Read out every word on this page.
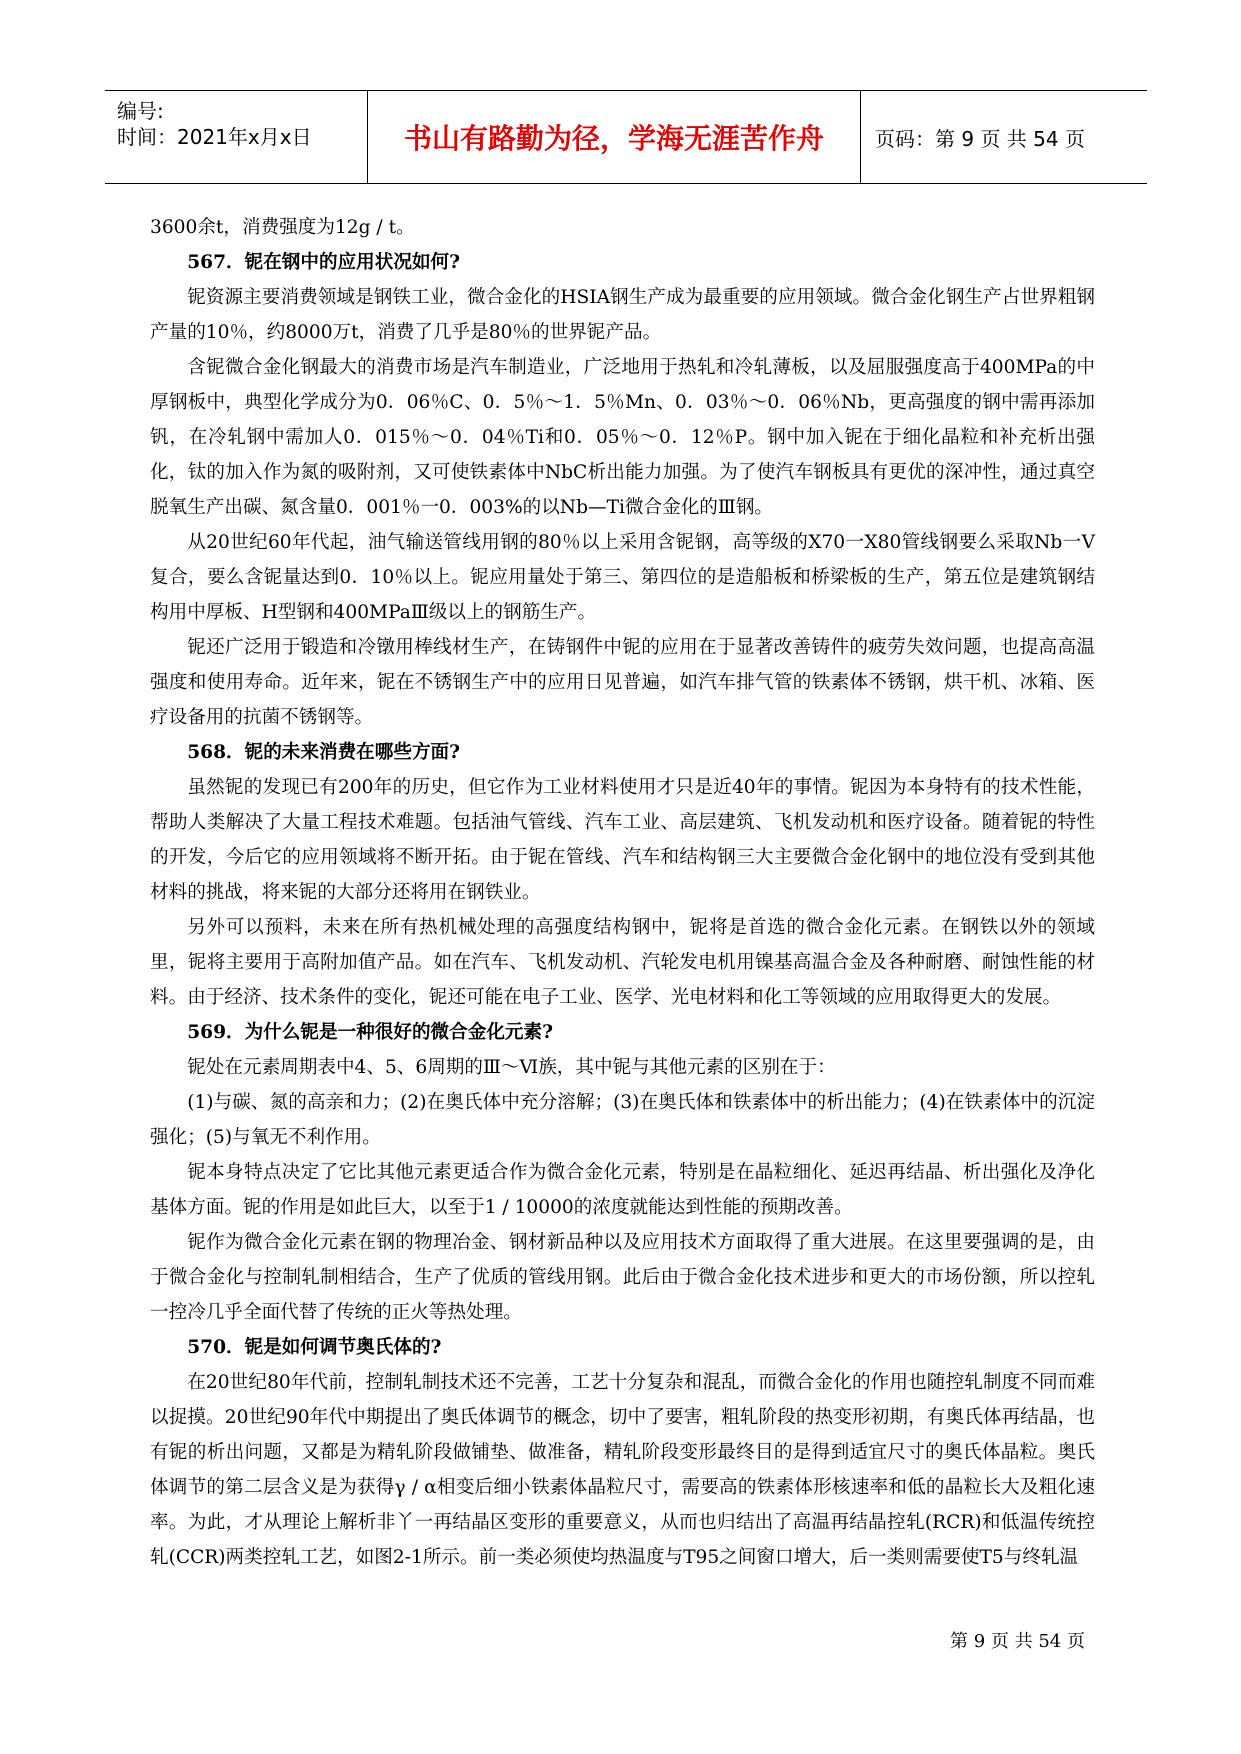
编号:
时间：2021年x月x日	书山有路勤为径，学海无涯苦作舟	页码：第 9 页 共 54 页

3600余t，消费强度为12g / t。

567．铌在钢中的应用状况如何?

铌资源主要消费领域是钢铁工业，微合金化的HSIA钢生产成为最重要的应用领域。微合金化钢生产占世界粗钢产量的10％，约8000万t，消费了几乎是80％的世界铌产品。

含铌微合金化钢最大的消费市场是汽车制造业，广泛地用于热轧和冷轧薄板，以及屈服强度高于400MPa的中厚钢板中，典型化学成分为0．06％C、0．5％～1．5％Mn、0．03％～0．06％Nb，更高强度的钢中需再添加钒，在冷轧钢中需加人0．015％～0．04％Ti和0．05％～0．12％P。钢中加入铌在于细化晶粒和补充析出强化，钛的加入作为氮的吸附剂，又可使铁素体中NbC析出能力加强。为了使汽车钢板具有更优的深冲性，通过真空脱氧生产出碳、氮含量0．001％一0．003%的以Nb—Ti微合金化的Ⅲ钢。

从20世纪60年代起，油气输送管线用钢的80％以上采用含铌钢，高等级的X70一X80管线钢要么采取Nb一V复合，要么含铌量达到0．10％以上。铌应用量处于第三、第四位的是造船板和桥梁板的生产，第五位是建筑钢结构用中厚板、H型钢和400MPaⅢ级以上的钢筋生产。

铌还广泛用于锻造和冷镦用棒线材生产，在铸钢件中铌的应用在于显著改善铸件的疲劳失效问题，也提高高温强度和使用寿命。近年来，铌在不锈钢生产中的应用日见普遍，如汽车排气管的铁素体不锈钢，烘干机、冰箱、医疗设备用的抗菌不锈钢等。

568．铌的未来消费在哪些方面?

虽然铌的发现已有200年的历史，但它作为工业材料使用才只是近40年的事情。铌因为本身特有的技术性能，帮助人类解决了大量工程技术难题。包括油气管线、汽车工业、高层建筑、飞机发动机和医疗设备。随着铌的特性的开发，今后它的应用领域将不断开拓。由于铌在管线、汽车和结构钢三大主要微合金化钢中的地位没有受到其他材料的挑战，将来铌的大部分还将用在钢铁业。

另外可以预料，未来在所有热机械处理的高强度结构钢中，铌将是首选的微合金化元素。在钢铁以外的领域里，铌将主要用于高附加值产品。如在汽车、飞机发动机、汽轮发电机用镍基高温合金及各种耐磨、耐蚀性能的材料。由于经济、技术条件的变化，铌还可能在电子工业、医学、光电材料和化工等领域的应用取得更大的发展。

569．为什么铌是一种很好的微合金化元素?

铌处在元素周期表中4、5、6周期的Ⅲ～Ⅵ族，其中铌与其他元素的区别在于：

(1)与碳、氮的高亲和力；(2)在奥氏体中充分溶解；(3)在奥氏体和铁素体中的析出能力；(4)在铁素体中的沉淀强化；(5)与氧无不利作用。

铌本身特点决定了它比其他元素更适合作为微合金化元素，特别是在晶粒细化、延迟再结晶、析出强化及净化基体方面。铌的作用是如此巨大，以至于1 / 10000的浓度就能达到性能的预期改善。

铌作为微合金化元素在钢的物理冶金、钢材新品种以及应用技术方面取得了重大进展。在这里要强调的是，由于微合金化与控制轧制相结合，生产了优质的管线用钢。此后由于微合金化技术进步和更大的市场份额，所以控轧一控冷几乎全面代替了传统的正火等热处理。

570．铌是如何调节奥氏体的?

在20世纪80年代前，控制轧制技术还不完善，工艺十分复杂和混乱，而微合金化的作用也随控轧制度不同而难以捉摸。20世纪90年代中期提出了奥氏体调节的概念，切中了要害，粗轧阶段的热变形初期，有奥氏体再结晶，也有铌的析出问题，又都是为精轧阶段做铺垫、做准备，精轧阶段变形最终目的是得到适宜尺寸的奥氏体晶粒。奥氏体调节的第二层含义是为获得γ / α相变后细小铁素体晶粒尺寸，需要高的铁素体形核速率和低的晶粒长大及粗化速率。为此，才从理论上解析非丫一再结晶区变形的重要意义，从而也归结出了高温再结晶控轧(RCR)和低温传统控轧(CCR)两类控轧工艺，如图2-1所示。前一类必须使均热温度与T95之间窗口增大，后一类则需要使T5与终轧温

第 9 页 共 54 页
